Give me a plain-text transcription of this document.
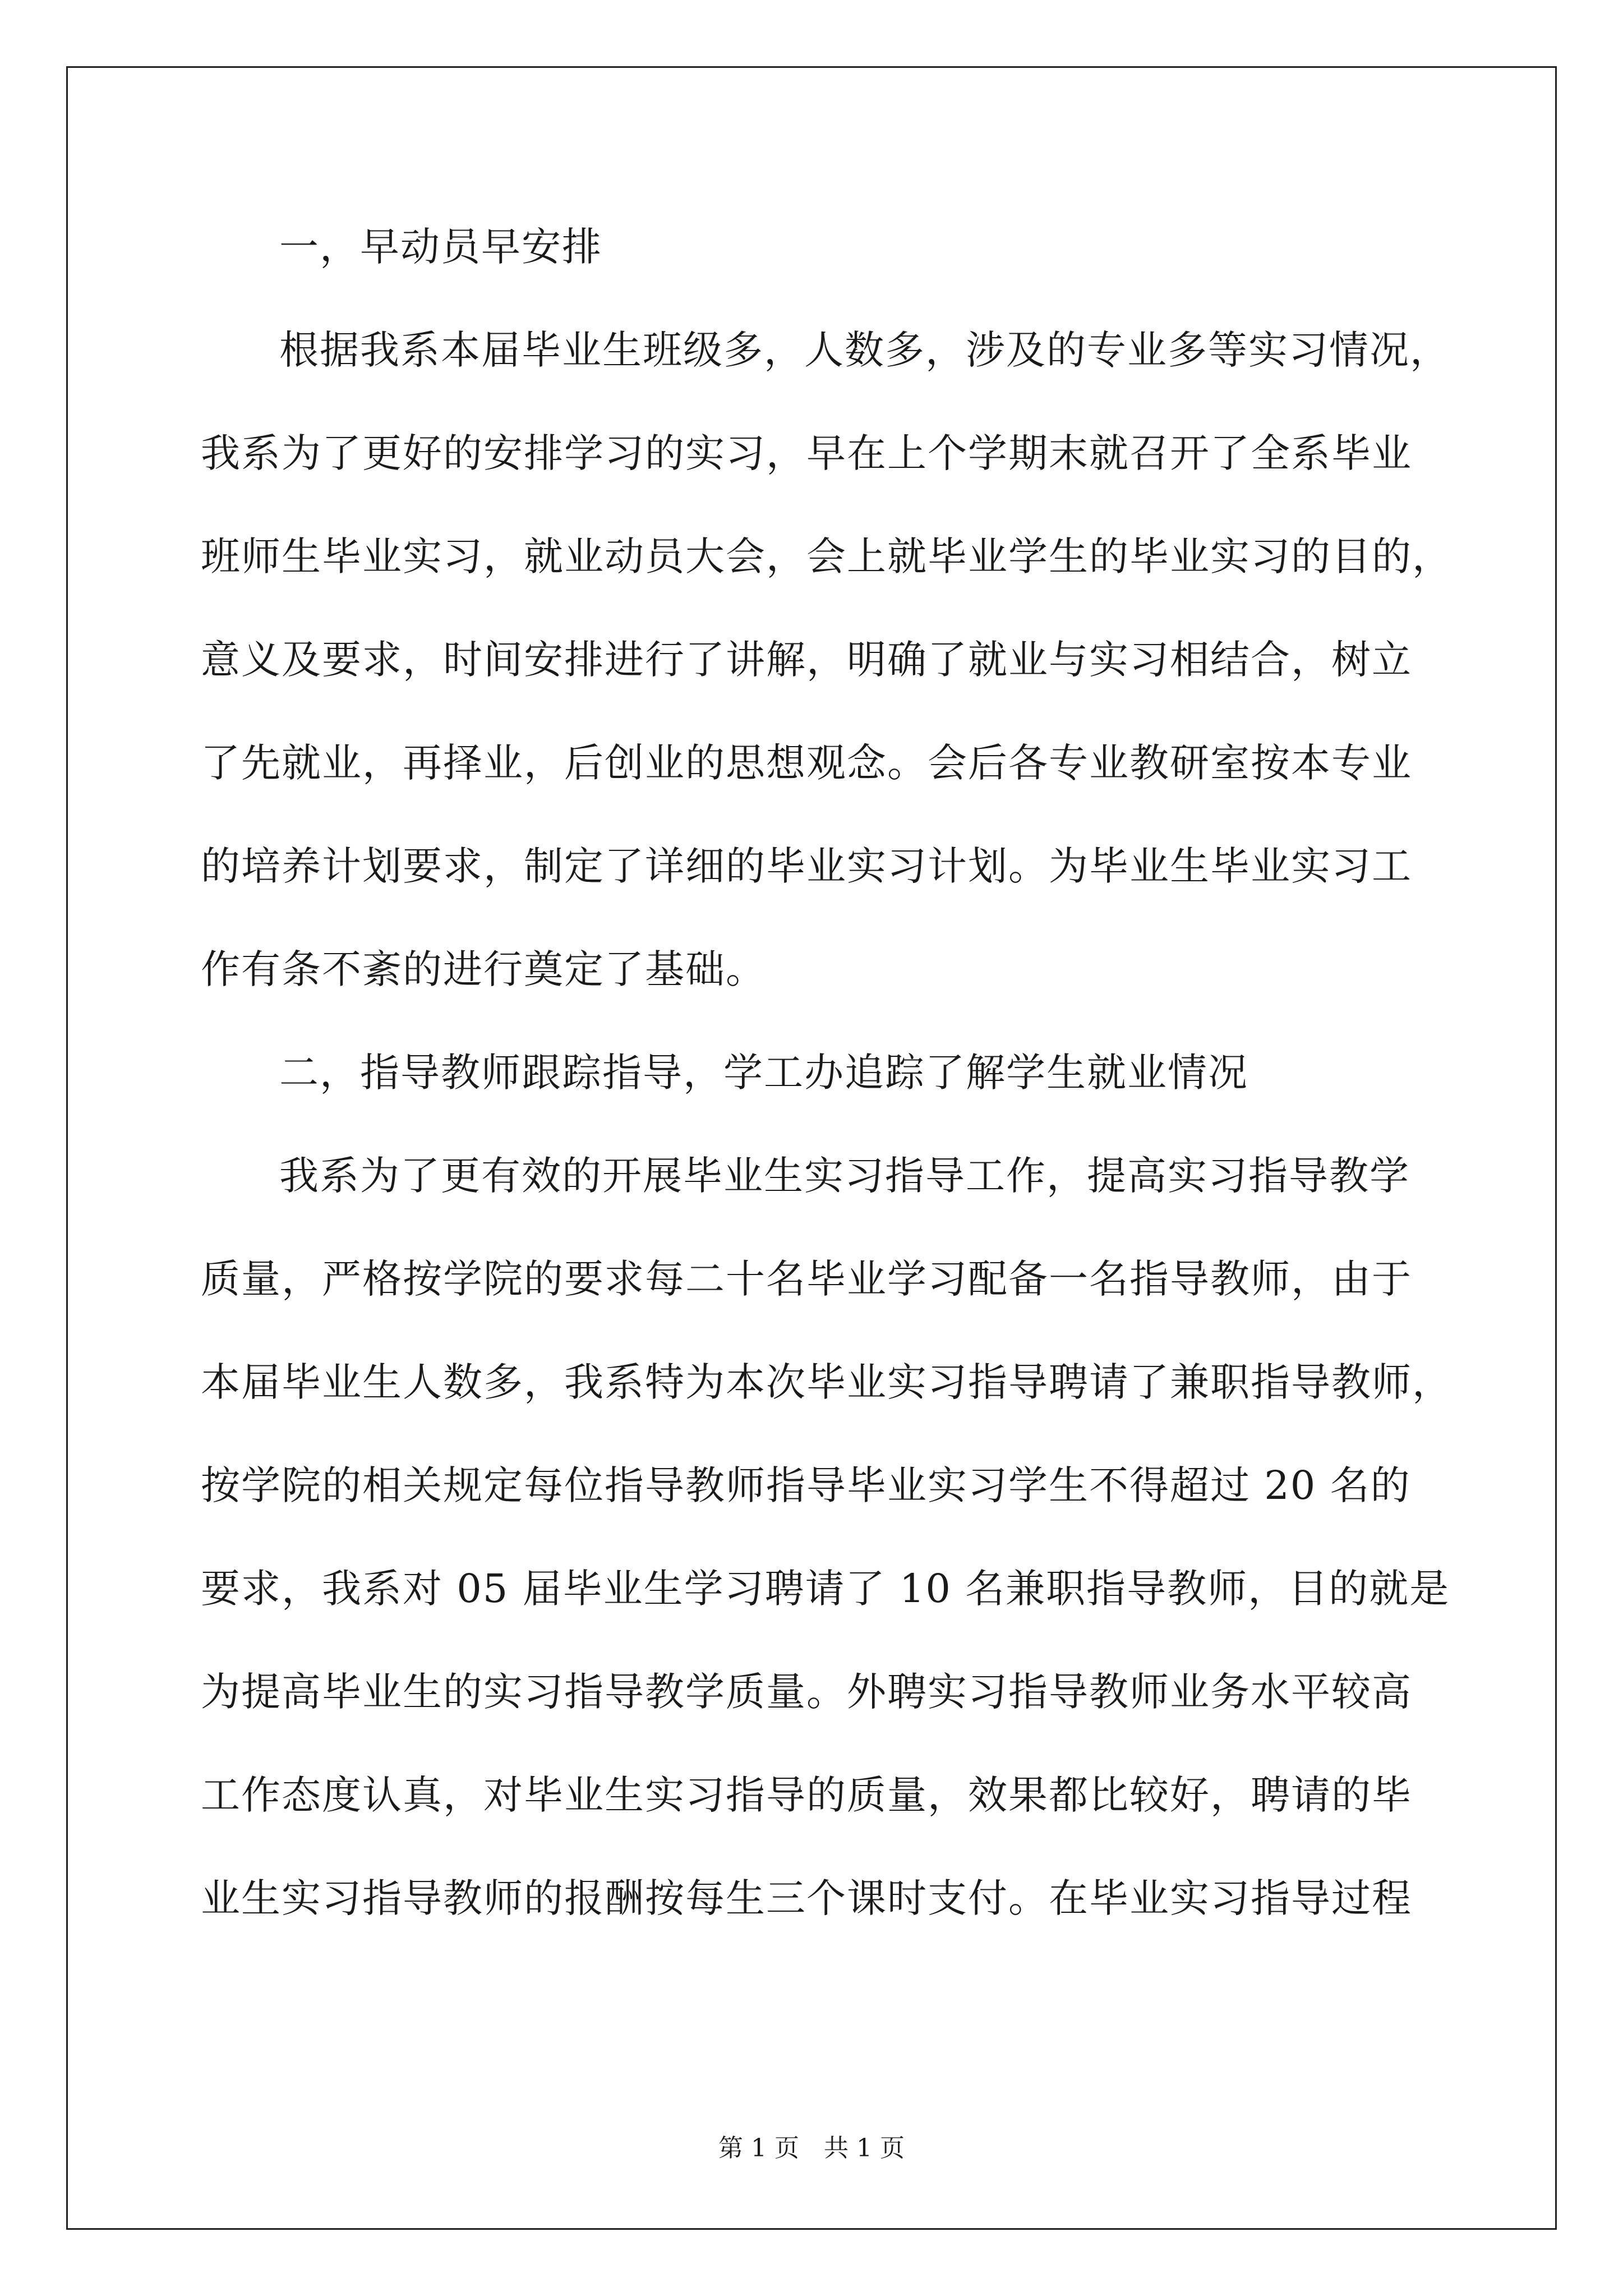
一，早动员早安排
根据我系本届毕业生班级多，人数多，涉及的专业多等实习情况，
我系为了更好的安排学习的实习，早在上个学期末就召开了全系毕业
班师生毕业实习，就业动员大会，会上就毕业学生的毕业实习的目的，
意义及要求，时间安排进行了讲解，明确了就业与实习相结合，树立
了先就业，再择业，后创业的思想观念。会后各专业教研室按本专业
的培养计划要求，制定了详细的毕业实习计划。为毕业生毕业实习工
作有条不紊的进行奠定了基础。
二，指导教师跟踪指导，学工办追踪了解学生就业情况
我系为了更有效的开展毕业生实习指导工作，提高实习指导教学
质量，严格按学院的要求每二十名毕业学习配备一名指导教师，由于
本届毕业生人数多，我系特为本次毕业实习指导聘请了兼职指导教师，
按学院的相关规定每位指导教师指导毕业实习学生不得超过 20 名的
要求，我系对 05 届毕业生学习聘请了 10 名兼职指导教师，目的就是
为提高毕业生的实习指导教学质量。外聘实习指导教师业务水平较高
工作态度认真，对毕业生实习指导的质量，效果都比较好，聘请的毕
业生实习指导教师的报酬按每生三个课时支付。在毕业实习指导过程
第 1 页　共 1 页
